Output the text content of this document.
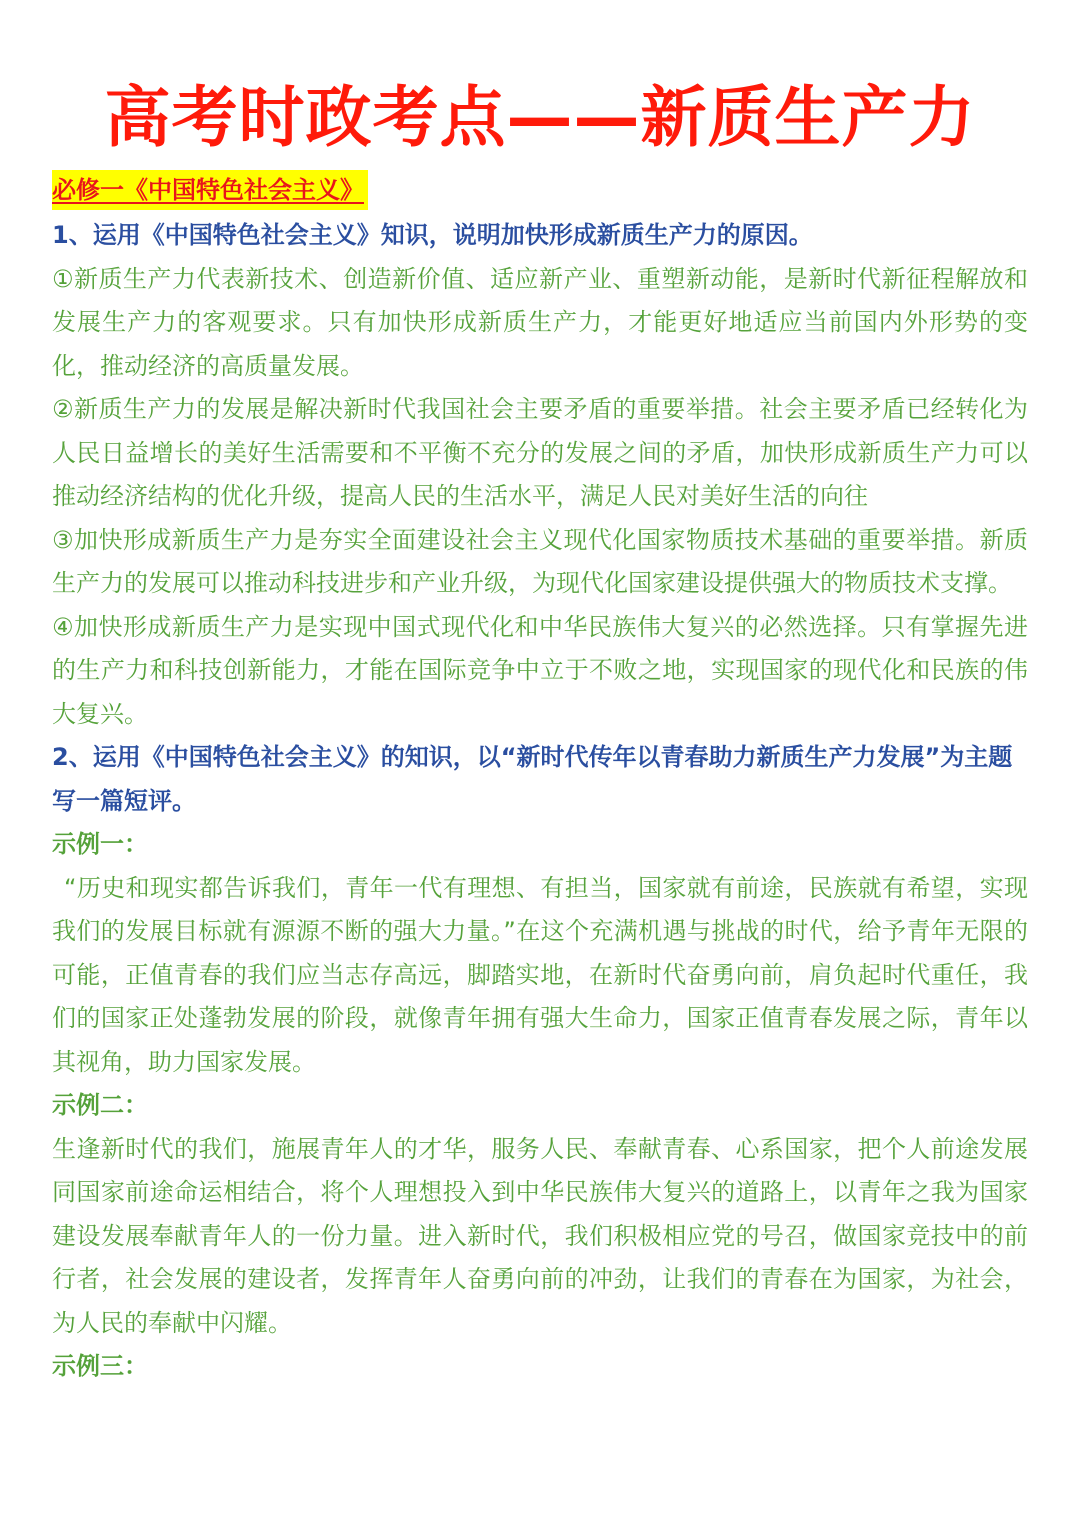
高考时政考点——新质生产力
必修一《中国特色社会主义》

1、运用《中国特色社会主义》知识，说明加快形成新质生产力的原因。

①新质生产力代表新技术、创造新价值、适应新产业、重塑新动能，是新时代新征程解放和发展生产力的客观要求。只有加快形成新质生产力，才能更好地适应当前国内外形势的变化，推动经济的高质量发展。

②新质生产力的发展是解决新时代我国社会主要矛盾的重要举措。社会主要矛盾已经转化为人民日益增长的美好生活需要和不平衡不充分的发展之间的矛盾，加快形成新质生产力可以推动经济结构的优化升级，提高人民的生活水平，满足人民对美好生活的向往

③加快形成新质生产力是夯实全面建设社会主义现代化国家物质技术基础的重要举措。新质生产力的发展可以推动科技进步和产业升级，为现代化国家建设提供强大的物质技术支撑。

④加快形成新质生产力是实现中国式现代化和中华民族伟大复兴的必然选择。只有掌握先进的生产力和科技创新能力，才能在国际竞争中立于不败之地，实现国家的现代化和民族的伟大复兴。

2、运用《中国特色社会主义》的知识，以“新时代传年以青春助力新质生产力发展”为主题写一篇短评。

示例一：

“历史和现实都告诉我们，青年一代有理想、有担当，国家就有前途，民族就有希望，实现我们的发展目标就有源源不断的强大力量。”在这个充满机遇与挑战的时代，给予青年无限的可能，正值青春的我们应当志存高远，脚踏实地，在新时代奋勇向前，肩负起时代重任，我们的国家正处蓬勃发展的阶段，就像青年拥有强大生命力，国家正值青春发展之际，青年以其视角，助力国家发展。

示例二：

生逢新时代的我们，施展青年人的才华，服务人民、奉献青春、心系国家，把个人前途发展同国家前途命运相结合，将个人理想投入到中华民族伟大复兴的道路上，以青年之我为国家建设发展奉献青年人的一份力量。进入新时代，我们积极相应党的号召，做国家竞技中的前行者，社会发展的建设者，发挥青年人奋勇向前的冲劲，让我们的青春在为国家，为社会，为人民的奉献中闪耀。

示例三：
